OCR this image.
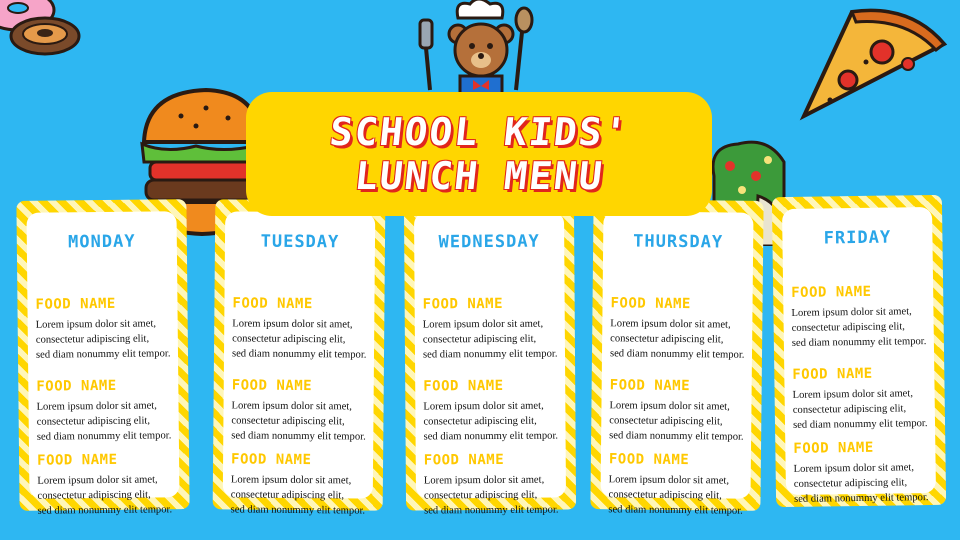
SCHOOL KIDS'
LUNCH MENU
MONDAY
FOOD NAME
Lorem ipsum dolor sit amet,
consectetur adipiscing elit,
sed diam nonummy elit tempor.
FOOD NAME
Lorem ipsum dolor sit amet,
consectetur adipiscing elit,
sed diam nonummy elit tempor.
FOOD NAME
Lorem ipsum dolor sit amet,
consectetur adipiscing elit,
sed diam nonummy elit tempor.
TUESDAY
FOOD NAME
Lorem ipsum dolor sit amet,
consectetur adipiscing elit,
sed diam nonummy elit tempor.
FOOD NAME
Lorem ipsum dolor sit amet,
consectetur adipiscing elit,
sed diam nonummy elit tempor.
FOOD NAME
Lorem ipsum dolor sit amet,
consectetur adipiscing elit,
sed diam nonummy elit tempor.
WEDNESDAY
FOOD NAME
Lorem ipsum dolor sit amet,
consectetur adipiscing elit,
sed diam nonummy elit tempor.
FOOD NAME
Lorem ipsum dolor sit amet,
consectetur adipiscing elit,
sed diam nonummy elit tempor.
FOOD NAME
Lorem ipsum dolor sit amet,
consectetur adipiscing elit,
sed diam nonummy elit tempor.
THURSDAY
FOOD NAME
Lorem ipsum dolor sit amet,
consectetur adipiscing elit,
sed diam nonummy elit tempor.
FOOD NAME
Lorem ipsum dolor sit amet,
consectetur adipiscing elit,
sed diam nonummy elit tempor.
FOOD NAME
Lorem ipsum dolor sit amet,
consectetur adipiscing elit,
sed diam nonummy elit tempor.
FRIDAY
FOOD NAME
Lorem ipsum dolor sit amet,
consectetur adipiscing elit,
sed diam nonummy elit tempor.
FOOD NAME
Lorem ipsum dolor sit amet,
consectetur adipiscing elit,
sed diam nonummy elit tempor.
FOOD NAME
Lorem ipsum dolor sit amet,
consectetur adipiscing elit,
sed diam nonummy elit tempor.
